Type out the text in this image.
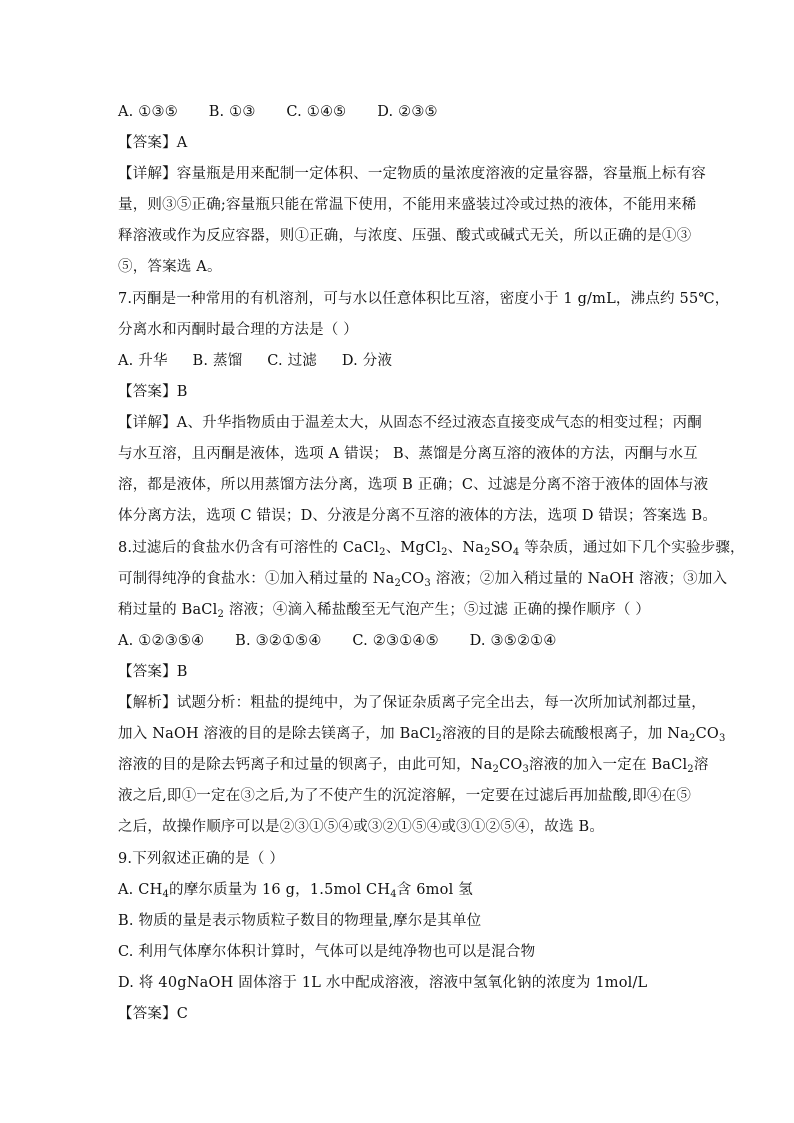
A. ①③⑤ B. ①③ C. ①④⑤ D. ②③⑤
【答案】A
【详解】容量瓶是用来配制一定体积、一定物质的量浓度溶液的定量容器，容量瓶上标有容
量，则③⑤正确;容量瓶只能在常温下使用，不能用来盛装过冷或过热的液体，不能用来稀
释溶液或作为反应容器，则①正确，与浓度、压强、酸式或碱式无关，所以正确的是①③
⑤，答案选 A。
7.丙酮是一种常用的有机溶剂，可与水以任意体积比互溶，密度小于 1 g/mL，沸点约 55℃，
分离水和丙酮时最合理的方法是（ ）
A. 升华 B. 蒸馏 C. 过滤 D. 分液
【答案】B
【详解】A、升华指物质由于温差太大，从固态不经过液态直接变成气态的相变过程；丙酮
与水互溶，且丙酮是液体，选项 A 错误； B、蒸馏是分离互溶的液体的方法，丙酮与水互
溶，都是液体，所以用蒸馏方法分离，选项 B 正确；C、过滤是分离不溶于液体的固体与液
体分离方法，选项 C 错误；D、分液是分离不互溶的液体的方法，选项 D 错误；答案选 B。
8.过滤后的食盐水仍含有可溶性的 CaCl$_2$、MgCl$_2$、$Na_2SO_4$ 等杂质，通过如下几个实验步骤，
可制得纯净的食盐水：①加入稍过量的 $Na_2CO_3$ 溶液；②加入稍过量的 NaOH 溶液；③加入
稍过量的 BaCl$_2$ 溶液；④滴入稀盐酸至无气泡产生；⑤过滤 正确的操作顺序（ ）
A. ①②③⑤④ B. ③②①⑤④ C. ②③①④⑤ D. ③⑤②①④
【答案】B
【解析】试题分析：粗盐的提纯中，为了保证杂质离子完全出去，每一次所加试剂都过量，
加入 NaOH 溶液的目的是除去镁离子，加 BaCl$_2$溶液的目的是除去硫酸根离子，加 $Na_2CO_3$
溶液的目的是除去钙离子和过量的钡离子，由此可知，$Na_2CO_3$溶液的加入一定在 BaCl$_2$溶
液之后,即①一定在③之后,为了不使产生的沉淀溶解，一定要在过滤后再加盐酸,即④在⑤
之后，故操作顺序可以是②③①⑤④或③②①⑤④或③①②⑤④，故选 B。
9.下列叙述正确的是（ ）
A. $CH_4$的摩尔质量为 16 g，1.5mol $CH_4$含 6mol 氢
B. 物质的量是表示物质粒子数目的物理量,摩尔是其单位
C. 利用气体摩尔体积计算时，气体可以是纯净物也可以是混合物
D. 将 40gNaOH 固体溶于 1L 水中配成溶液，溶液中氢氧化钠的浓度为 1mol/L
【答案】C
